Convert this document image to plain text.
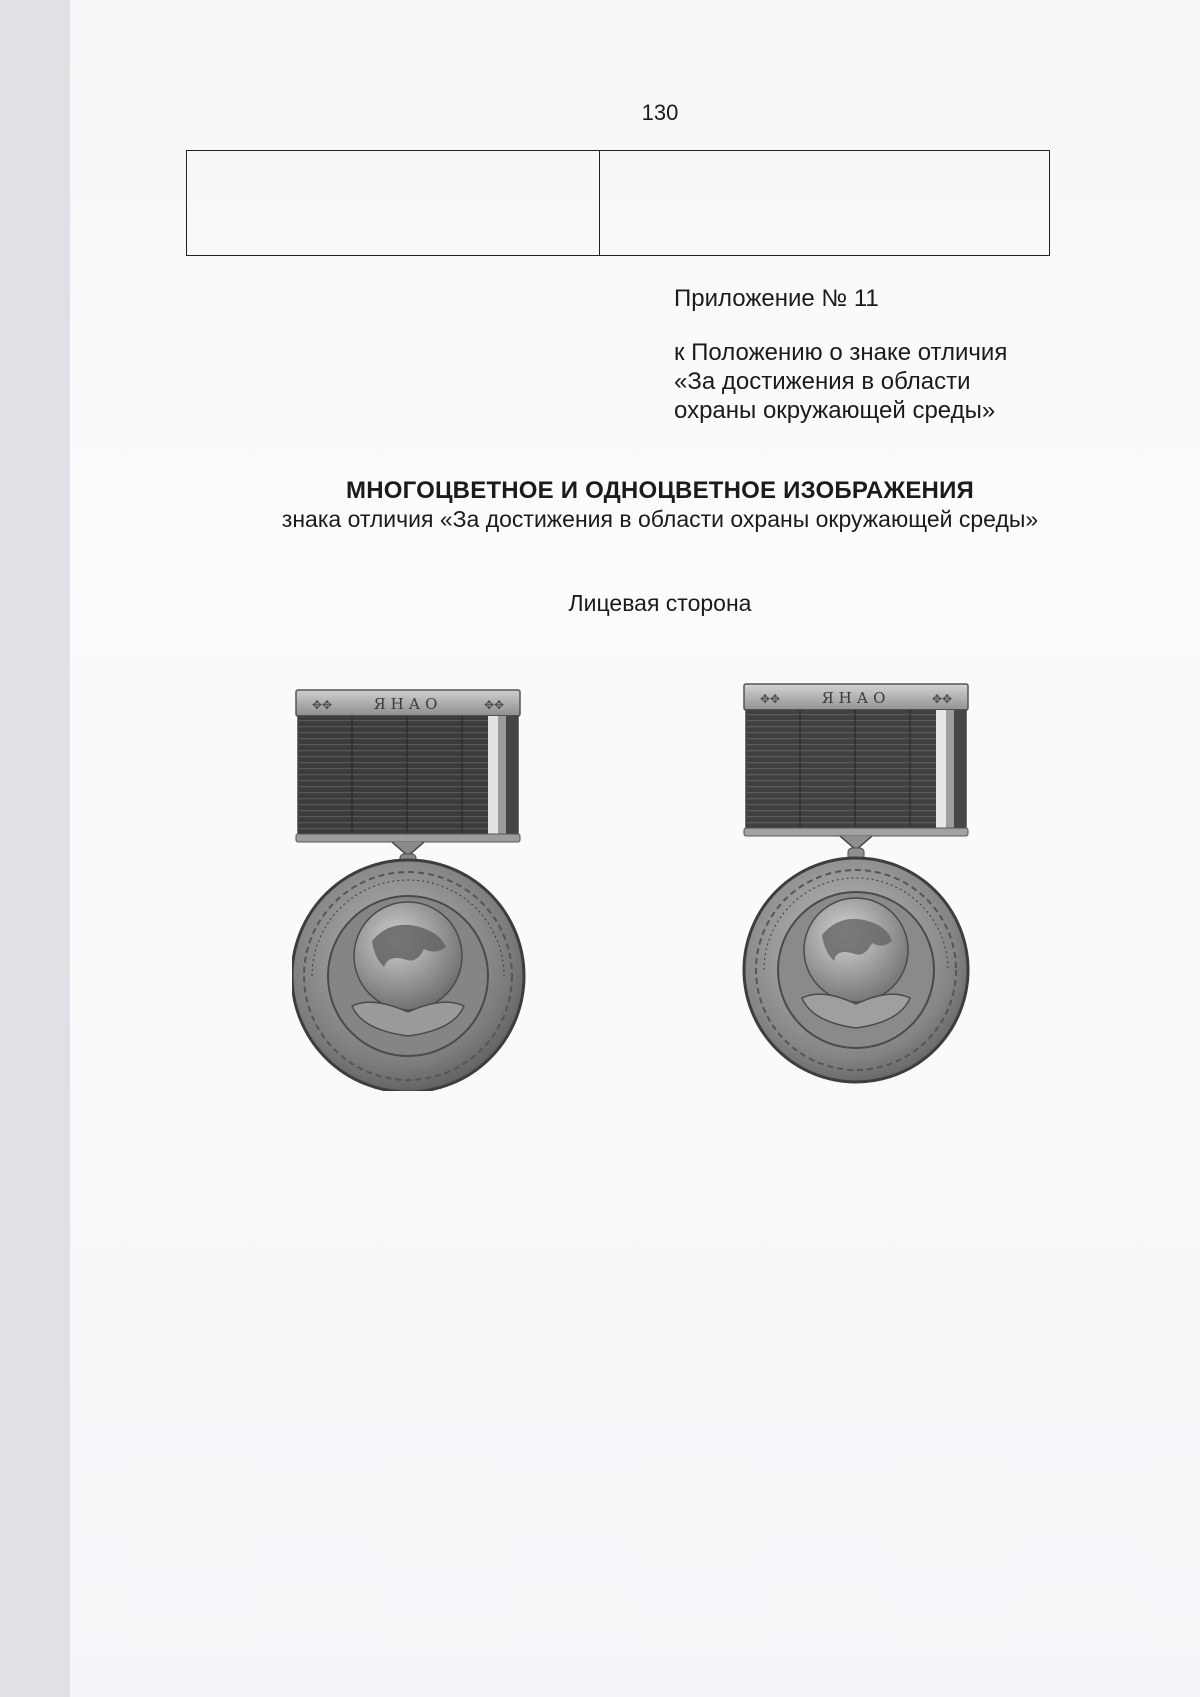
130

Приложение № 11
к Положению о знаке отличия
«За достижения в области
охраны окружающей среды»
МНОГОЦВЕТНОЕ И ОДНОЦВЕТНОЕ ИЗОБРАЖЕНИЯ
знака отличия «За достижения в области охраны окружающей среды»
Лицевая сторона
ЯНАО
✥✥	✥✥	ЯНАО
✥✥	✥✥
